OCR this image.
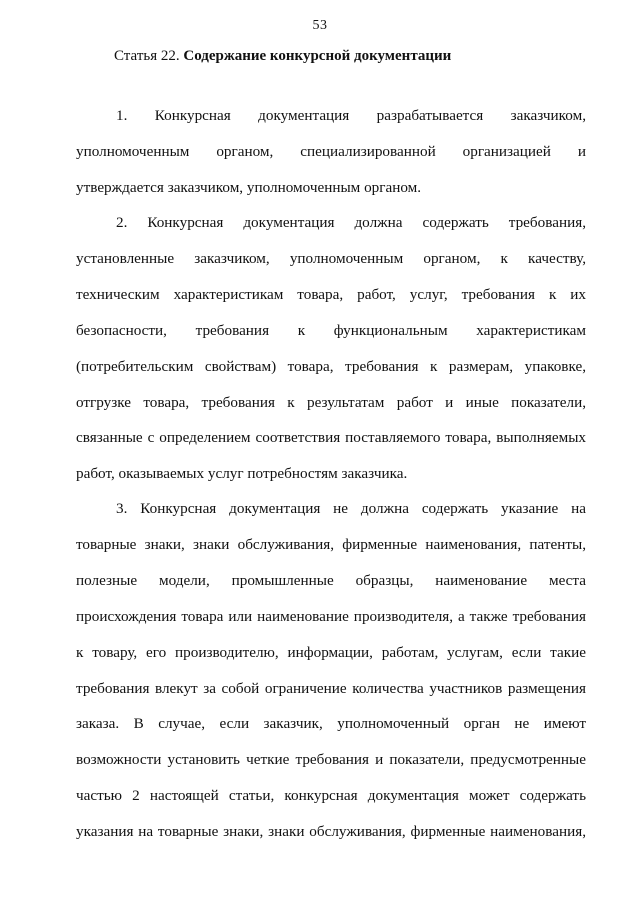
53
Статья 22. Содержание конкурсной документации
1. Конкурсная документация разрабатывается заказчиком,
уполномоченным органом, специализированной организацией и
утверждается заказчиком, уполномоченным органом.
2. Конкурсная документация должна содержать требования,
установленные заказчиком, уполномоченным органом, к качеству,
техническим характеристикам товара, работ, услуг, требования к их
безопасности, требования к функциональным характеристикам
(потребительским свойствам) товара, требования к размерам, упаковке,
отгрузке товара, требования к результатам работ и иные показатели,
связанные с определением соответствия поставляемого товара, выполняемых
работ, оказываемых услуг потребностям заказчика.
3. Конкурсная документация не должна содержать указание на
товарные знаки, знаки обслуживания, фирменные наименования, патенты,
полезные модели, промышленные образцы, наименование места
происхождения товара или наименование производителя, а также требования
к товару, его производителю, информации, работам, услугам, если такие
требования влекут за собой ограничение количества участников размещения
заказа. В случае, если заказчик, уполномоченный орган не имеют
возможности установить четкие требования и показатели, предусмотренные
частью 2 настоящей статьи, конкурсная документация может содержать
указания на товарные знаки, знаки обслуживания, фирменные наименования,
